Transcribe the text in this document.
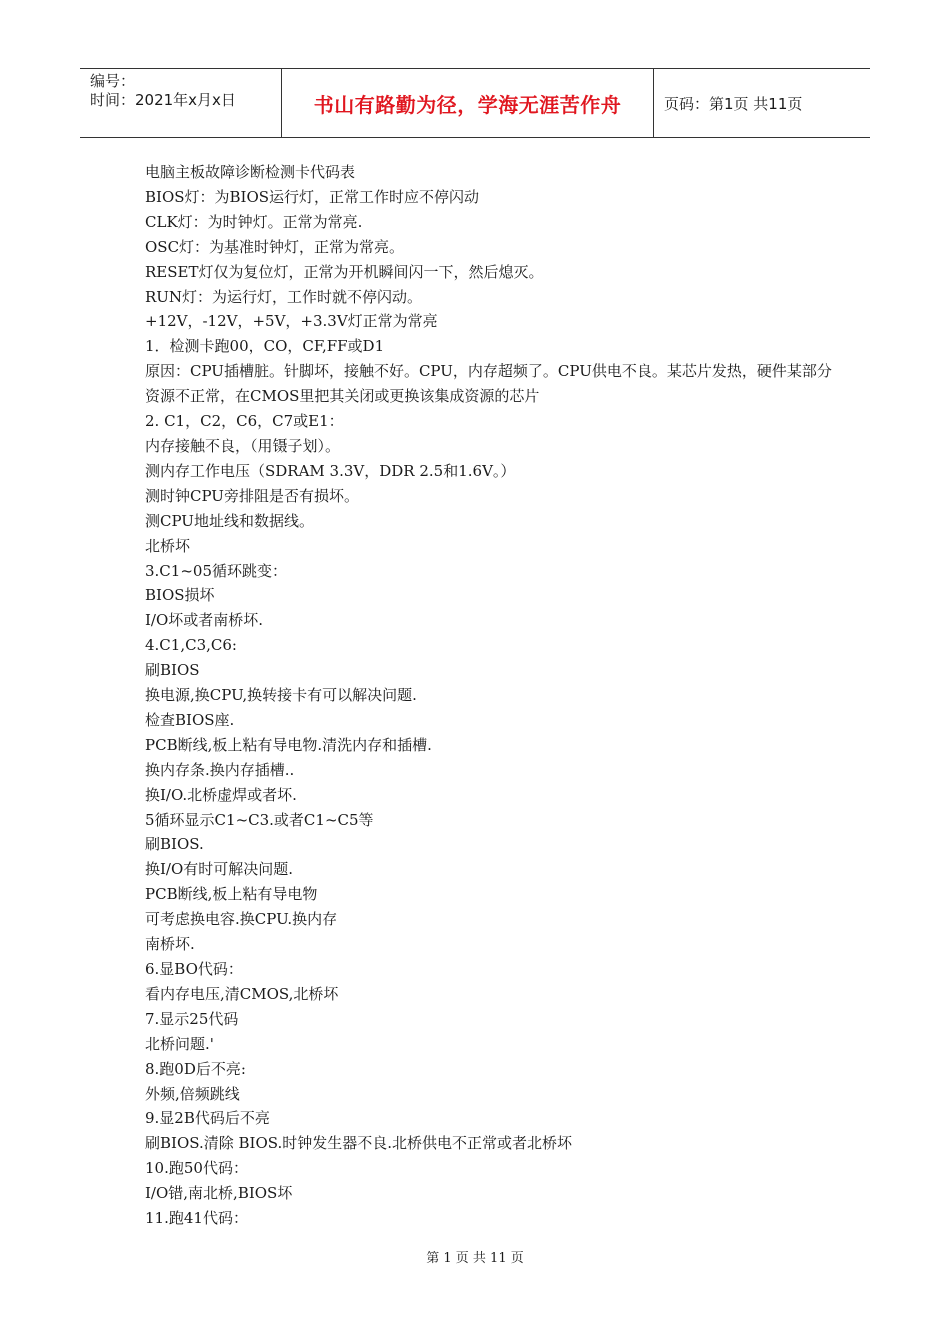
编号：
时间：2021年x月x日	书山有路勤为径，学海无涯苦作舟	页码：第1页 共11页

电脑主板故障诊断检测卡代码表

BIOS灯：为BIOS运行灯，正常工作时应不停闪动

CLK灯：为时钟灯。正常为常亮.

OSC灯：为基准时钟灯，正常为常亮。

RESET灯仅为复位灯，正常为开机瞬间闪一下，然后熄灭。

RUN灯：为运行灯，工作时就不停闪动。

+12V，-12V，+5V，+3.3V灯正常为常亮

1．检测卡跑00，CO，CF,FF或D1

原因：CPU插槽脏。针脚坏，接触不好。CPU，内存超频了。CPU供电不良。某芯片发热，硬件某部分资源不正常，在CMOS里把其关闭或更换该集成资源的芯片

2. C1，C2，C6，C7或E1：

内存接触不良，（用镊子划）。

测内存工作电压（SDRAM 3.3V，DDR 2.5和1.6V。）

测时钟CPU旁排阻是否有损坏。

测CPU地址线和数据线。

北桥坏

3.C1~05循环跳变：

BIOS损坏

I/O坏或者南桥坏.

4.C1,C3,C6:

刷BIOS

换电源,换CPU,换转接卡有可以解决问题.

检查BIOS座.

PCB断线,板上粘有导电物.清洗内存和插槽.

换内存条.换内存插槽..

换I/O.北桥虚焊或者坏.

5循环显示C1~C3.或者C1~C5等

刷BIOS.

换I/O有时可解决问题.

PCB断线,板上粘有导电物

可考虑换电容.换CPU.换内存

南桥坏.

6.显BO代码：

看内存电压,清CMOS,北桥坏

7.显示25代码

北桥问题.'

8.跑0D后不亮:

外频,倍频跳线

9.显2B代码后不亮

刷BIOS.清除 BIOS.时钟发生器不良.北桥供电不正常或者北桥坏

10.跑50代码：

I/O错,南北桥,BIOS坏

11.跑41代码：

第 1 页 共 11 页
